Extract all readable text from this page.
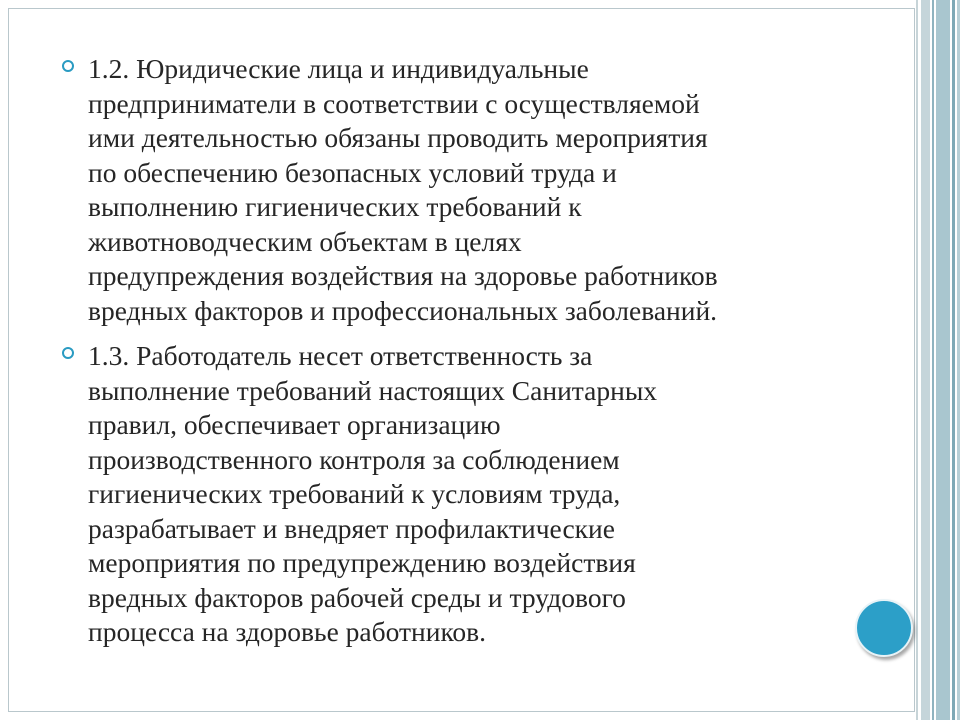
1.2. Юридические лица и индивидуальные
предприниматели в соответствии с осуществляемой
ими деятельностью обязаны проводить мероприятия
по обеспечению безопасных условий труда и
выполнению гигиенических требований к
животноводческим объектам в целях
предупреждения воздействия на здоровье работников
вредных факторов и профессиональных заболеваний.
1.3. Работодатель несет ответственность за
выполнение требований настоящих Санитарных
правил, обеспечивает организацию
производственного контроля за соблюдением
гигиенических требований к условиям труда,
разрабатывает и внедряет профилактические
мероприятия по предупреждению воздействия
вредных факторов рабочей среды и трудового
процесса на здоровье работников.
